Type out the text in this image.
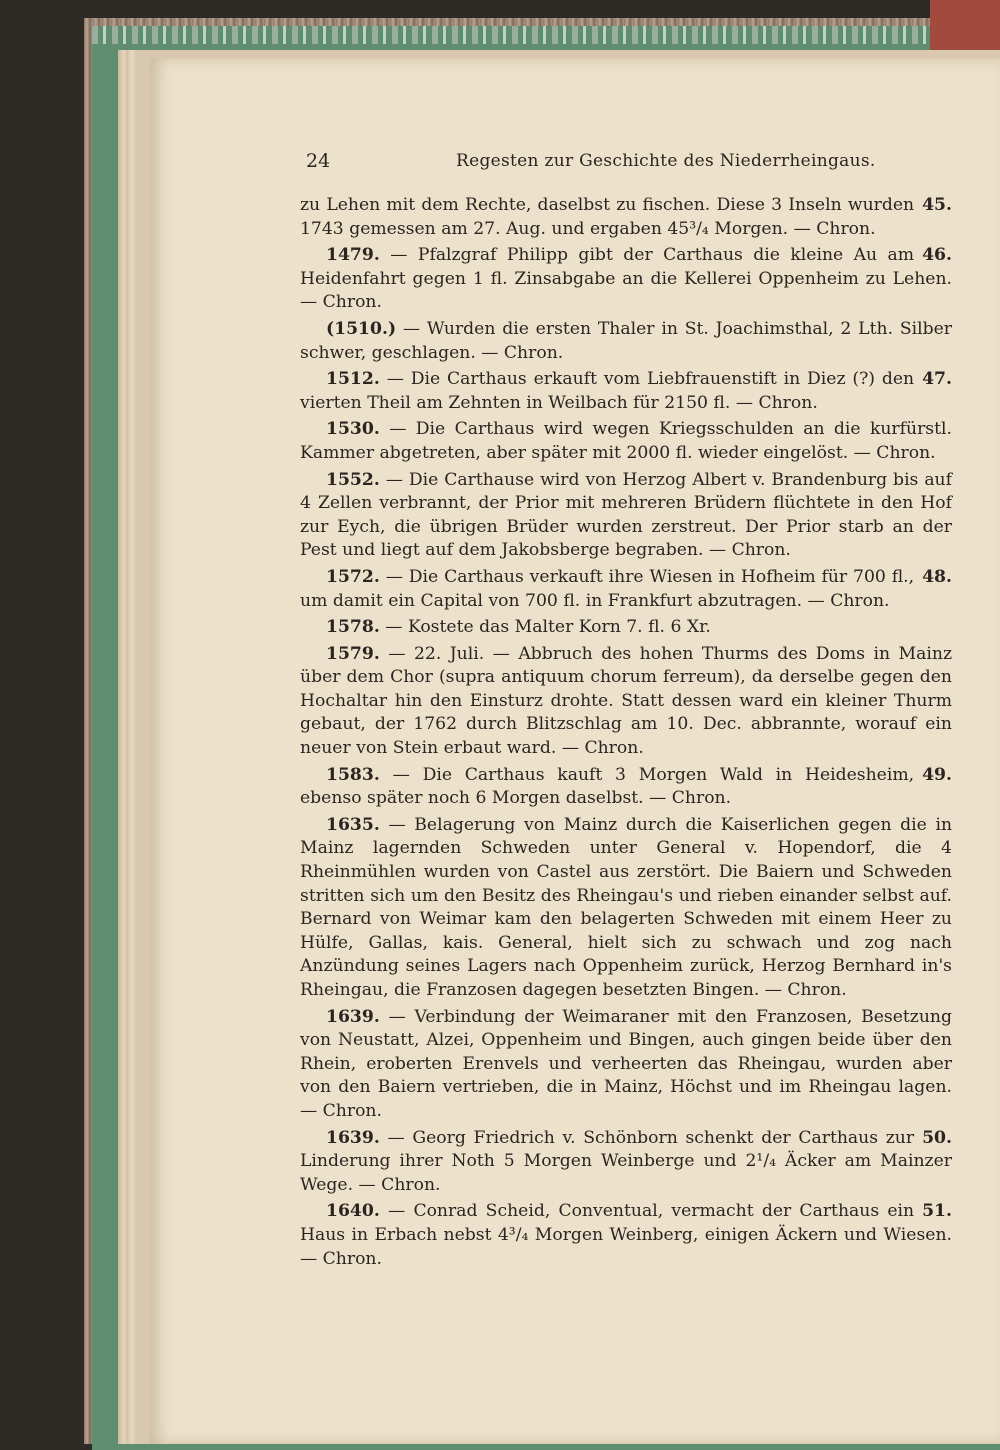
24	Regesten zur Geschichte des Niederrheingaus.

45.
zu Lehen mit dem Rechte, daselbst zu fischen. Diese 3 Inseln wurden 1743 gemessen am 27. Aug. und ergaben 45³/₄ Morgen. — Chron.

46.
1479. — Pfalzgraf Philipp gibt der Carthaus die kleine Au am Heidenfahrt gegen 1 fl. Zinsabgabe an die Kellerei Oppenheim zu Lehen. — Chron.

(1510.) — Wurden die ersten Thaler in St. Joachimsthal, 2 Lth. Silber schwer, geschlagen. — Chron.

47.
1512. — Die Carthaus erkauft vom Liebfrauenstift in Diez (?) den vierten Theil am Zehnten in Weilbach für 2150 fl. — Chron.

1530. — Die Carthaus wird wegen Kriegsschulden an die kurfürstl. Kammer abgetreten, aber später mit 2000 fl. wieder eingelöst. — Chron.

1552. — Die Carthause wird von Herzog Albert v. Brandenburg bis auf 4 Zellen verbrannt, der Prior mit mehreren Brüdern flüchtete in den Hof zur Eych, die übrigen Brüder wurden zerstreut. Der Prior starb an der Pest und liegt auf dem Jakobsberge begraben. — Chron.

48.
1572. — Die Carthaus verkauft ihre Wiesen in Hofheim für 700 fl., um damit ein Capital von 700 fl. in Frankfurt abzutragen. — Chron.

1578. — Kostete das Malter Korn 7. fl. 6 Xr.

1579. — 22. Juli. — Abbruch des hohen Thurms des Doms in Mainz über dem Chor (supra antiquum chorum ferreum), da derselbe gegen den Hochaltar hin den Einsturz drohte. Statt dessen ward ein kleiner Thurm gebaut, der 1762 durch Blitzschlag am 10. Dec. abbrannte, worauf ein neuer von Stein erbaut ward. — Chron.

49.
1583. — Die Carthaus kauft 3 Morgen Wald in Heidesheim, ebenso später noch 6 Morgen daselbst. — Chron.

1635. — Belagerung von Mainz durch die Kaiserlichen gegen die in Mainz lagernden Schweden unter General v. Hopendorf, die 4 Rheinmühlen wurden von Castel aus zerstört. Die Baiern und Schweden stritten sich um den Besitz des Rheingau's und rieben einander selbst auf. Bernard von Weimar kam den belagerten Schweden mit einem Heer zu Hülfe, Gallas, kais. General, hielt sich zu schwach und zog nach Anzündung seines Lagers nach Oppenheim zurück, Herzog Bernhard in's Rheingau, die Franzosen dagegen besetzten Bingen. — Chron.

1639. — Verbindung der Weimaraner mit den Franzosen, Besetzung von Neustatt, Alzei, Oppenheim und Bingen, auch gingen beide über den Rhein, eroberten Erenvels und verheerten das Rheingau, wurden aber von den Baiern vertrieben, die in Mainz, Höchst und im Rheingau lagen. — Chron.

50.
1639. — Georg Friedrich v. Schönborn schenkt der Carthaus zur Linderung ihrer Noth 5 Morgen Weinberge und 2¹/₄ Äcker am Mainzer Wege. — Chron.

51.
1640. — Conrad Scheid, Conventual, vermacht der Carthaus ein Haus in Erbach nebst 4³/₄ Morgen Weinberg, einigen Äckern und Wiesen. — Chron.
